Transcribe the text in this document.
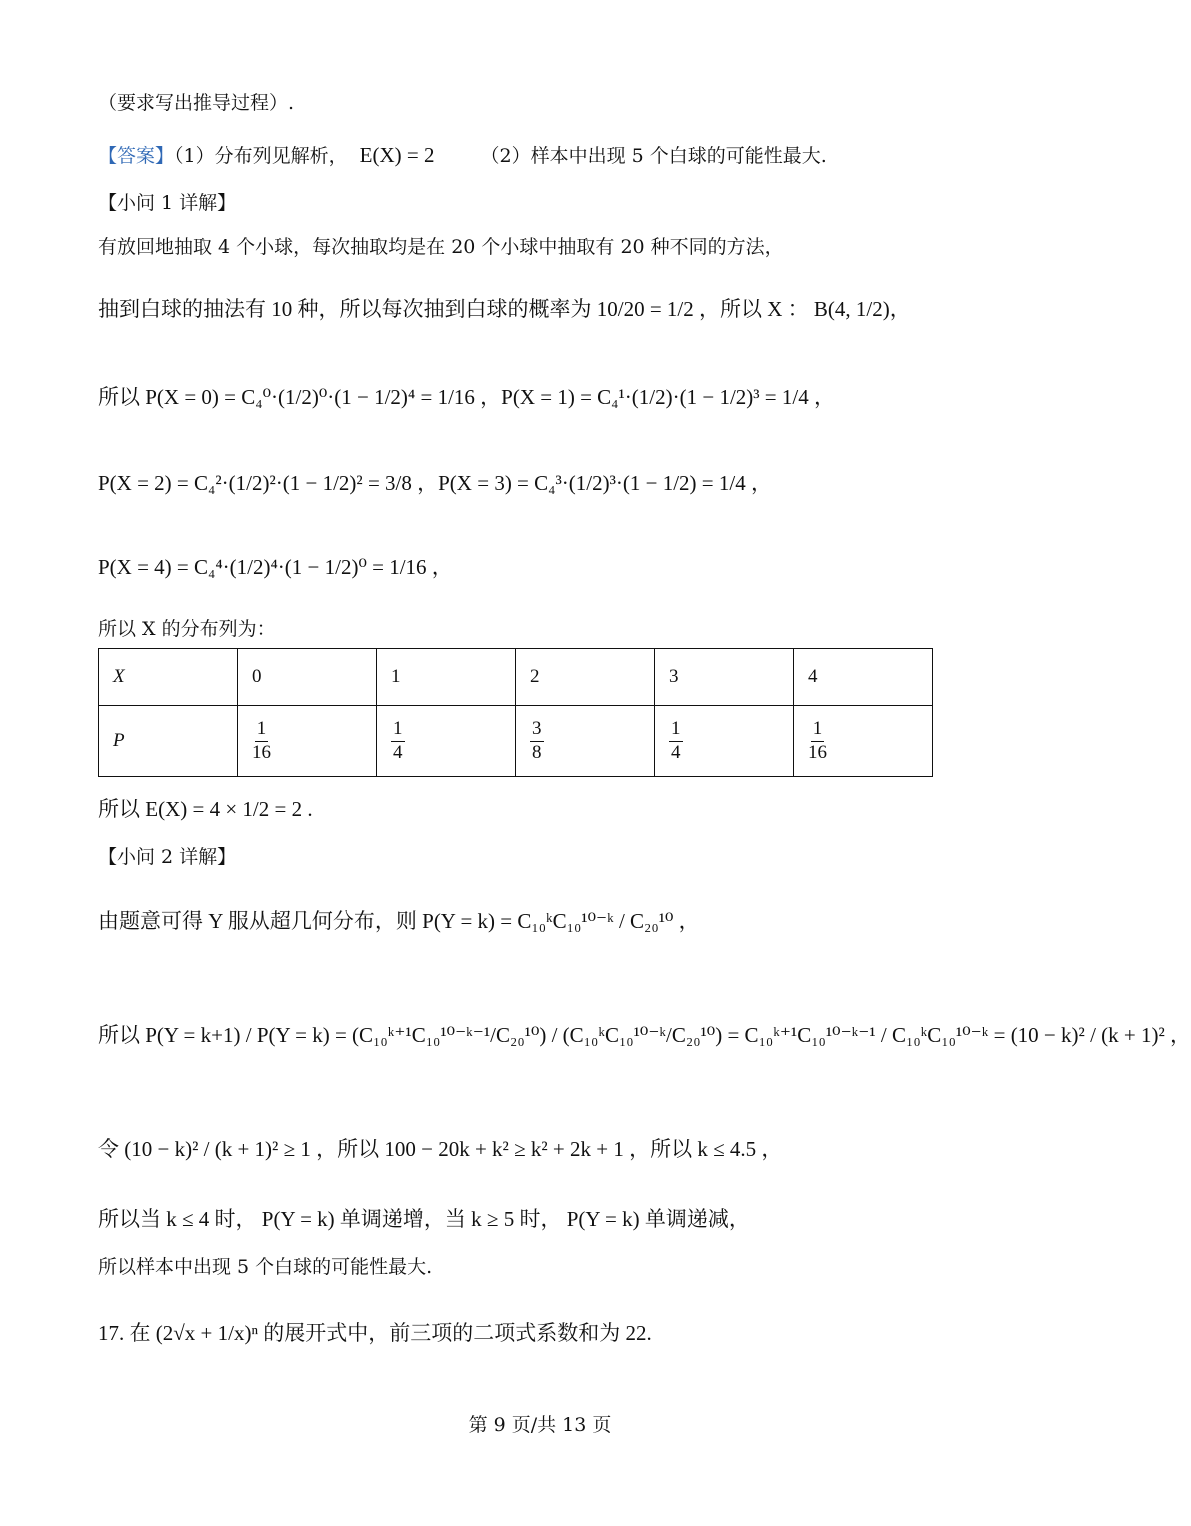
（要求写出推导过程）.
【答案】（1）分布列见解析， E(X) = 2 （2）样本中出现 5 个白球的可能性最大.
【小问 1 详解】
有放回地抽取 4 个小球，每次抽取均是在 20 个小球中抽取有 20 种不同的方法，
抽到白球的抽法有 10 种，所以每次抽到白球的概率为 10/20 = 1/2 ，所以 X ： B(4, 1/2)，
所以 P(X = 0) = C₄⁰·(1/2)⁰·(1 − 1/2)⁴ = 1/16 ，P(X = 1) = C₄¹·(1/2)·(1 − 1/2)³ = 1/4 ，
P(X = 2) = C₄²·(1/2)²·(1 − 1/2)² = 3/8 ，P(X = 3) = C₄³·(1/2)³·(1 − 1/2) = 1/4 ，
P(X = 4) = C₄⁴·(1/2)⁴·(1 − 1/2)⁰ = 1/16 ，
所以 X 的分布列为：
X	0	1	2	3	4
P	$\frac{1}{16}$	$\frac{1}{4}$	$\frac{3}{8}$	$\frac{1}{4}$	$\frac{1}{16}$
所以 E(X) = 4 × 1/2 = 2 .
【小问 2 详解】
由题意可得 Y 服从超几何分布，则 P(Y = k) = C₁₀ᵏC₁₀¹⁰⁻ᵏ / C₂₀¹⁰ ，
所以 P(Y = k+1) / P(Y = k) = (C₁₀ᵏ⁺¹C₁₀¹⁰⁻ᵏ⁻¹/C₂₀¹⁰) / (C₁₀ᵏC₁₀¹⁰⁻ᵏ/C₂₀¹⁰) = C₁₀ᵏ⁺¹C₁₀¹⁰⁻ᵏ⁻¹ / C₁₀ᵏC₁₀¹⁰⁻ᵏ = (10 − k)² / (k + 1)² ，
令 (10 − k)² / (k + 1)² ≥ 1 ，所以 100 − 20k + k² ≥ k² + 2k + 1 ，所以 k ≤ 4.5 ，
所以当 k ≤ 4 时， P(Y = k) 单调递增，当 k ≥ 5 时， P(Y = k) 单调递减，
所以样本中出现 5 个白球的可能性最大.
17. 在 (2√x + 1/x)ⁿ 的展开式中，前三项的二项式系数和为 22.
第 9 页/共 13 页
